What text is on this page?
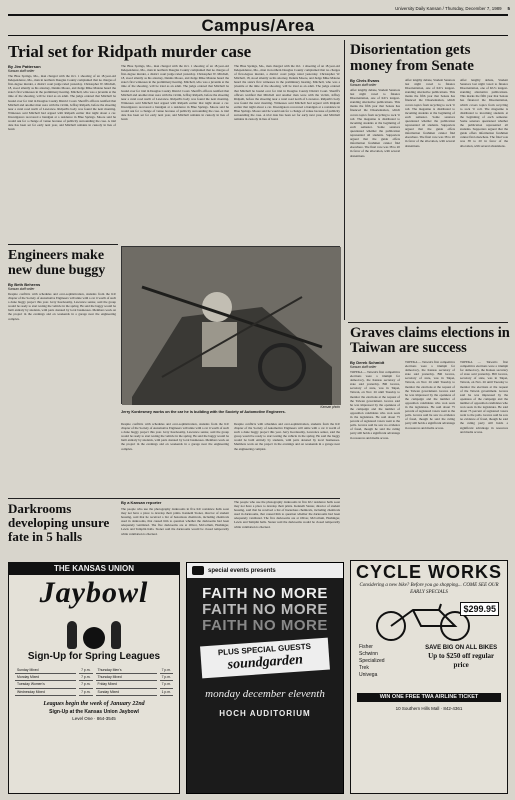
University Daily Kansan / Thursday, December 7, 1989 5
Campus/Area
Trial set for Ridpath murder case
By Jim Patterson
Kansan staff writer
The Blue Springs, Mo., man charged with the Oct. 1 shooting of an 18-year-old Independence, Mo., man in northern Douglas County complained that no charges of first-degree murder, a district court judge ruled yesterday. Christopher W. Mitchell, 18, stood silently as his attorney, Dennis Moore, and Judge Mike Malone heard the state's first witnesses in the preliminary hearing. Mitchell, who was a juvenile at the time of the shooting, will be tried as an adult. The judge ordered that Mitchell be bound over for trial in Douglas County District Court. Sheriff's officers testified that Mitchell and another man were with the victim, Jeffrey Ridpath, before the shooting near a rural road north of Lawrence. Ridpath's body was found the next morning. Witnesses said Mitchell had argued with Ridpath earlier that night about a car. Investigators recovered a handgun at a residence in Blue Springs. Moore said he would ask for a change of venue because of publicity surrounding the case. A trial date has been set for early next year, and Mitchell remains in custody in lieu of bond.
The Blue Springs, Mo., man charged with the Oct. 1 shooting of an 18-year-old Independence, Mo., man in northern Douglas County complained that no charges of first-degree murder, a district court judge ruled yesterday. Christopher W. Mitchell, 18, stood silently as his attorney, Dennis Moore, and Judge Mike Malone heard the state's first witnesses in the preliminary hearing. Mitchell, who was a juvenile at the time of the shooting, will be tried as an adult. The judge ordered that Mitchell be bound over for trial in Douglas County District Court. Sheriff's officers testified that Mitchell and another man were with the victim, Jeffrey Ridpath, before the shooting near a rural road north of Lawrence. Ridpath's body was found the next morning. Witnesses said Mitchell had argued with Ridpath earlier that night about a car. Investigators recovered a handgun at a residence in Blue Springs. Moore said he would ask for a change of venue because of publicity surrounding the case. A trial date has been set for early next year, and Mitchell remains in custody in lieu of bond.
The Blue Springs, Mo., man charged with the Oct. 1 shooting of an 18-year-old Independence, Mo., man in northern Douglas County complained that no charges of first-degree murder, a district court judge ruled yesterday. Christopher W. Mitchell, 18, stood silently as his attorney, Dennis Moore, and Judge Mike Malone heard the state's first witnesses in the preliminary hearing. Mitchell, who was a juvenile at the time of the shooting, will be tried as an adult. The judge ordered that Mitchell be bound over for trial in Douglas County District Court. Sheriff's officers testified that Mitchell and another man were with the victim, Jeffrey Ridpath, before the shooting near a rural road north of Lawrence. Ridpath's body was found the next morning. Witnesses said Mitchell had argued with Ridpath earlier that night about a car. Investigators recovered a handgun at a residence in Blue Springs. Moore said he would ask for a change of venue because of publicity surrounding the case. A trial date has been set for early next year, and Mitchell remains in custody in lieu of bond.
Engineers make new dune buggy
By Beth Behrens
Kansan staff writer
Despite conflicts with schedules and over-sophistication, students from the KU chapter of the Society of Automotive Engineers will unite with a car it worth of such a dune buggy project this year. Jerry Kordesamy, Lawrence senior, said the group would be ready to start testing the vehicle in the spring. He said the buggy would be built entirely by students, with parts donated by local businesses. Members work on the project in the evenings and on weekends in a garage near the engineering complex.
Kansan photo
Jerry Kordesmey works on the car he is building with the Society of Automotive Engineers.
Despite conflicts with schedules and over-sophistication, students from the KU chapter of the Society of Automotive Engineers will unite with a car it worth of such a dune buggy project this year. Jerry Kordesamy, Lawrence senior, said the group would be ready to start testing the vehicle in the spring. He said the buggy would be built entirely by students, with parts donated by local businesses. Members work on the project in the evenings and on weekends in a garage near the engineering complex.
Despite conflicts with schedules and over-sophistication, students from the KU chapter of the Society of Automotive Engineers will unite with a car it worth of such a dune buggy project this year. Jerry Kordesamy, Lawrence senior, said the group would be ready to start testing the vehicle in the spring. He said the buggy would be built entirely by students, with parts donated by local businesses. Members work on the project in the evenings and on weekends in a garage near the engineering complex.
Darkrooms developing unsure fate in 5 halls
By a Kansan reporter
The people who use the photography darkrooms in five KU residence halls soon may not have a place to develop their prints. Kenneth Stoner, director of student housing, said that he received a list of hazardous chemicals, including chemicals used in darkrooms, that caused him to question whether the darkrooms had been adequately ventilated. The five darkrooms are at Oliver, McCollum, Hashinger, Lewis and Templin halls. Stoner said the darkrooms would be closed temporarily while ventilation is checked.
The people who use the photography darkrooms in five KU residence halls soon may not have a place to develop their prints. Kenneth Stoner, director of student housing, said that he received a list of hazardous chemicals, including chemicals used in darkrooms, that caused him to question whether the darkrooms had been adequately ventilated. The five darkrooms are at Oliver, McCollum, Hashinger, Lewis and Templin halls. Stoner said the darkrooms would be closed temporarily while ventilation is checked.
Disorientation gets money from Senate
By Chris Evans
Kansan staff writer
After lengthy debate, Student Senators last night voted to finance Disorientation, one of KU's longest-standing alternative publications. This marks the fifth year that Senate has financed the Disorientation, which covers topics from recycling to rock 'n' roll. The magazine is distributed to incoming students at the beginning of each semester. Some senators questioned whether the publication represented all students. Supporters argued that the guide offers information freshmen cannot find elsewhere. The final vote was 38 to 20 in favor of the allocation, with several abstentions.
After lengthy debate, Student Senators last night voted to finance Disorientation, one of KU's longest-standing alternative publications. This marks the fifth year that Senate has financed the Disorientation, which covers topics from recycling to rock 'n' roll. The magazine is distributed to incoming students at the beginning of each semester. Some senators questioned whether the publication represented all students. Supporters argued that the guide offers information freshmen cannot find elsewhere. The final vote was 38 to 20 in favor of the allocation, with several abstentions.
After lengthy debate, Student Senators last night voted to finance Disorientation, one of KU's longest-standing alternative publications. This marks the fifth year that Senate has financed the Disorientation, which covers topics from recycling to rock 'n' roll. The magazine is distributed to incoming students at the beginning of each semester. Some senators questioned whether the publication represented all students. Supporters argued that the guide offers information freshmen cannot find elsewhere. The final vote was 38 to 20 in favor of the allocation, with several abstentions.
Graves claims elections in Taiwan are success
By Derek Schmidt
Kansan staff writer
TOPEKA — Taiwan's first competitive elections were a triumph for democracy, the Kansas secretary of state said yesterday. Bill Graves, secretary of state, was in Taipei, Taiwan, on Nov. 26 until Tuesday to monitor the elections at the request of the Taiwan government. Graves said he was impressed by the openness of the campaign and the number of opposition candidates who won seats in the legislature. He said about 75 percent of registered voters went to the polls. Graves said he saw no evidence of fraud, though he said the ruling party still holds a significant advantage in resources and media access.
TOPEKA — Taiwan's first competitive elections were a triumph for democracy, the Kansas secretary of state said yesterday. Bill Graves, secretary of state, was in Taipei, Taiwan, on Nov. 26 until Tuesday to monitor the elections at the request of the Taiwan government. Graves said he was impressed by the openness of the campaign and the number of opposition candidates who won seats in the legislature. He said about 75 percent of registered voters went to the polls. Graves said he saw no evidence of fraud, though he said the ruling party still holds a significant advantage in resources and media access.
TOPEKA — Taiwan's first competitive elections were a triumph for democracy, the Kansas secretary of state said yesterday. Bill Graves, secretary of state, was in Taipei, Taiwan, on Nov. 26 until Tuesday to monitor the elections at the request of the Taiwan government. Graves said he was impressed by the openness of the campaign and the number of opposition candidates who won seats in the legislature. He said about 75 percent of registered voters went to the polls. Graves said he saw no evidence of fraud, though he said the ruling party still holds a significant advantage in resources and media access.
THE KANSAS UNION
Jaybowl
Sign-Up for Spring Leagues
Sunday Mixed	7 p.m.	Thursday Men's	7 p.m.
Monday Mixed	7 p.m.	Thursday Mixed	7 p.m.
Tuesday Women's	7 p.m.	Friday Mixed	7 p.m.
Wednesday Mixed	7 p.m.	Sunday Mixed	1 p.m.
Leagues begin the week of January 22nd
Sign-Up at the Kansas Union Jaybowl
Level One · 864-3545
special events presents
FAITH NO MORE
FAITH NO MORE
FAITH NO MORE
PLUS SPECIAL GUESTS
soundgarden
monday december eleventh
HOCH AUDITORIUM
CYCLE WORKS
Considering a new bike? Before you go shopping... COME SEE OUR EARLY SPECIALS
$299.95
Fisher
Schwinn
Specialized
Trek
Univega
SAVE BIG ON ALL BIKES
Up to $250 off regular price
WIN ONE FREE TWA AIRLINE TICKET
10 Southern Hills Mall · 842-4361
